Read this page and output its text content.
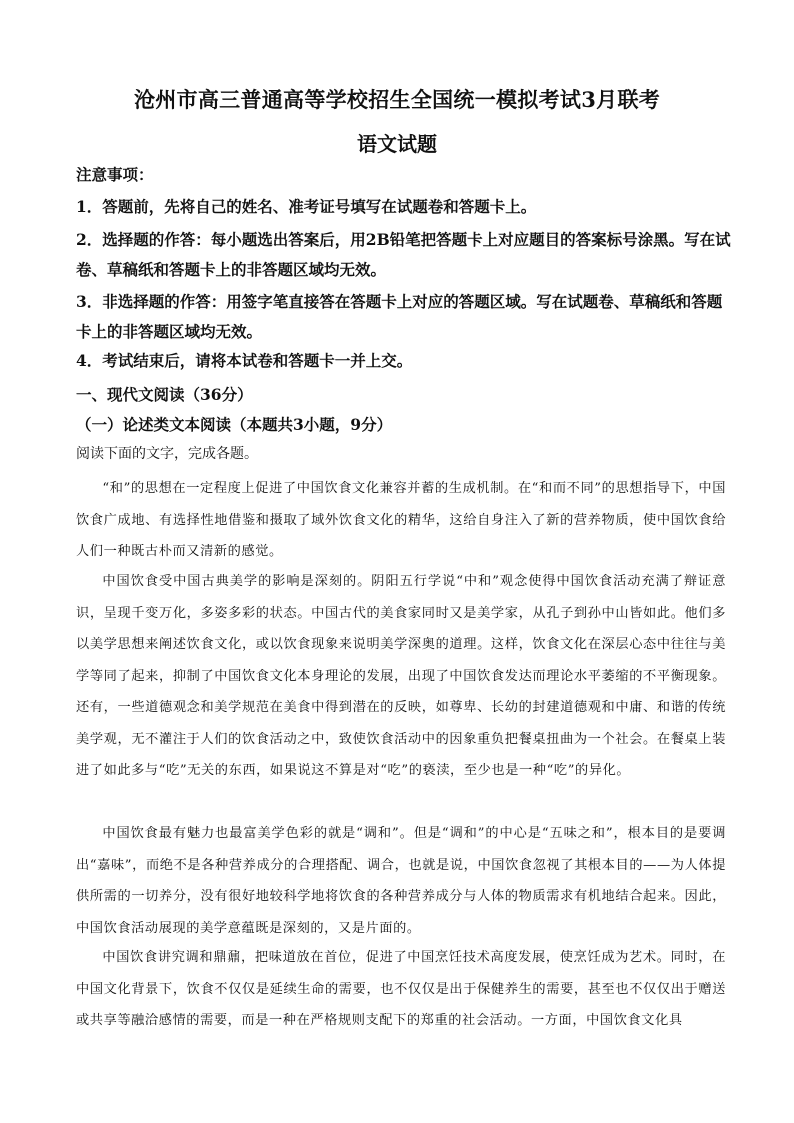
沧州市高三普通高等学校招生全国统一模拟考试3月联考
语文试题
注意事项：
1．答题前，先将自己的姓名、准考证号填写在试题卷和答题卡上。
2．选择题的作答：每小题选出答案后，用2B铅笔把答题卡上对应题目的答案标号涂黑。写在试卷、草稿纸和答题卡上的非答题区域均无效。
3．非选择题的作答：用签字笔直接答在答题卡上对应的答题区域。写在试题卷、草稿纸和答题卡上的非答题区域均无效。
4．考试结束后，请将本试卷和答题卡一并上交。
一、现代文阅读（36分）
（一）论述类文本阅读（本题共3小题，9分）
阅读下面的文字，完成各题。

“和”的思想在一定程度上促进了中国饮食文化兼容并蓄的生成机制。在“和而不同”的思想指导下，中国饮食广成地、有选择性地借鉴和摄取了域外饮食文化的精华，这给自身注入了新的营养物质，使中国饮食给人们一种既古朴而又清新的感觉。

中国饮食受中国古典美学的影响是深刻的。阴阳五行学说“中和”观念使得中国饮食活动充满了辩证意识，呈现千变万化，多姿多彩的状态。中国古代的美食家同时又是美学家，从孔子到孙中山皆如此。他们多以美学思想来阐述饮食文化，或以饮食现象来说明美学深奥的道理。这样，饮食文化在深层心态中往往与美学等同了起来，抑制了中国饮食文化本身理论的发展，出现了中国饮食发达而理论水平萎缩的不平衡现象。还有，一些道德观念和美学规范在美食中得到潜在的反映，如尊卑、长幼的封建道德观和中庸、和谐的传统美学观，无不灌注于人们的饮食活动之中，致使饮食活动中的因象重负把餐桌扭曲为一个社会。在餐桌上装进了如此多与“吃”无关的东西，如果说这不算是对“吃”的亵渎，至少也是一种“吃”的异化。

中国饮食最有魅力也最富美学色彩的就是“调和”。但是“调和”的中心是“五味之和”，根本目的是要调出“嘉味”，而绝不是各种营养成分的合理搭配、调合，也就是说，中国饮食忽视了其根本目的——为人体提供所需的一切养分，没有很好地较科学地将饮食的各种营养成分与人体的物质需求有机地结合起来。因此，中国饮食活动展现的美学意蕴既是深刻的，又是片面的。

中国饮食讲究调和鼎鼐，把味道放在首位，促进了中国烹饪技术高度发展，使烹饪成为艺术。同时，在中国文化背景下，饮食不仅仅是延续生命的需要，也不仅仅是出于保健养生的需要，甚至也不仅仅出于赠送或共享等融洽感情的需要，而是一种在严格规则支配下的郑重的社会活动。一方面，中国饮食文化具
